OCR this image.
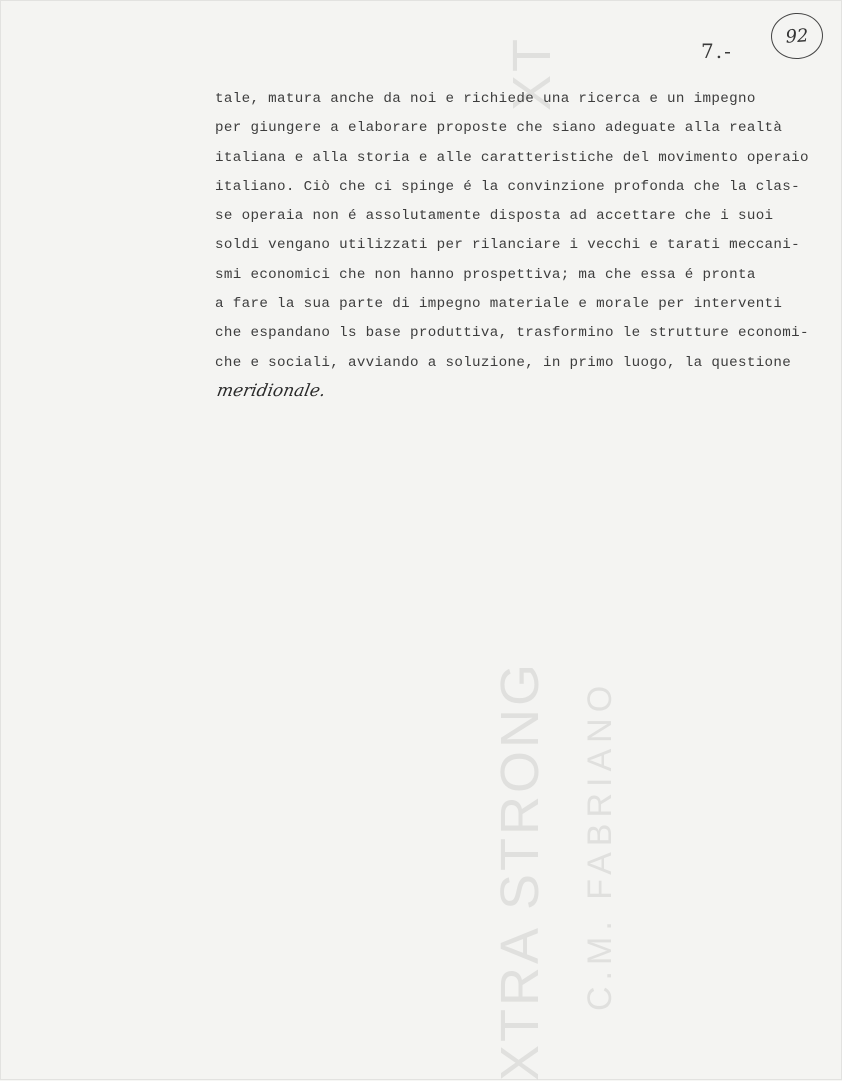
XTRA STRONG C.M. FABRIANO
XT	7.-
92
tale, matura anche da noi e richiede una ricerca e un impegno
per giungere a elaborare proposte che siano adeguate alla realtà
italiana e alla storia e alle caratteristiche del movimento operaio
italiano. Ciò che ci spinge é la convinzione profonda che la clas-
se operaia non é assolutamente disposta ad accettare che i suoi
soldi vengano utilizzati per rilanciare i vecchi e tarati meccani-
smi economici che non hanno prospettiva; ma che essa é pronta
a fare la sua parte di impegno materiale e morale per interventi
che espandano ls base produttiva, trasformino le strutture economi-
che e sociali, avviando a soluzione, in primo luogo, la questione
meridionale.
